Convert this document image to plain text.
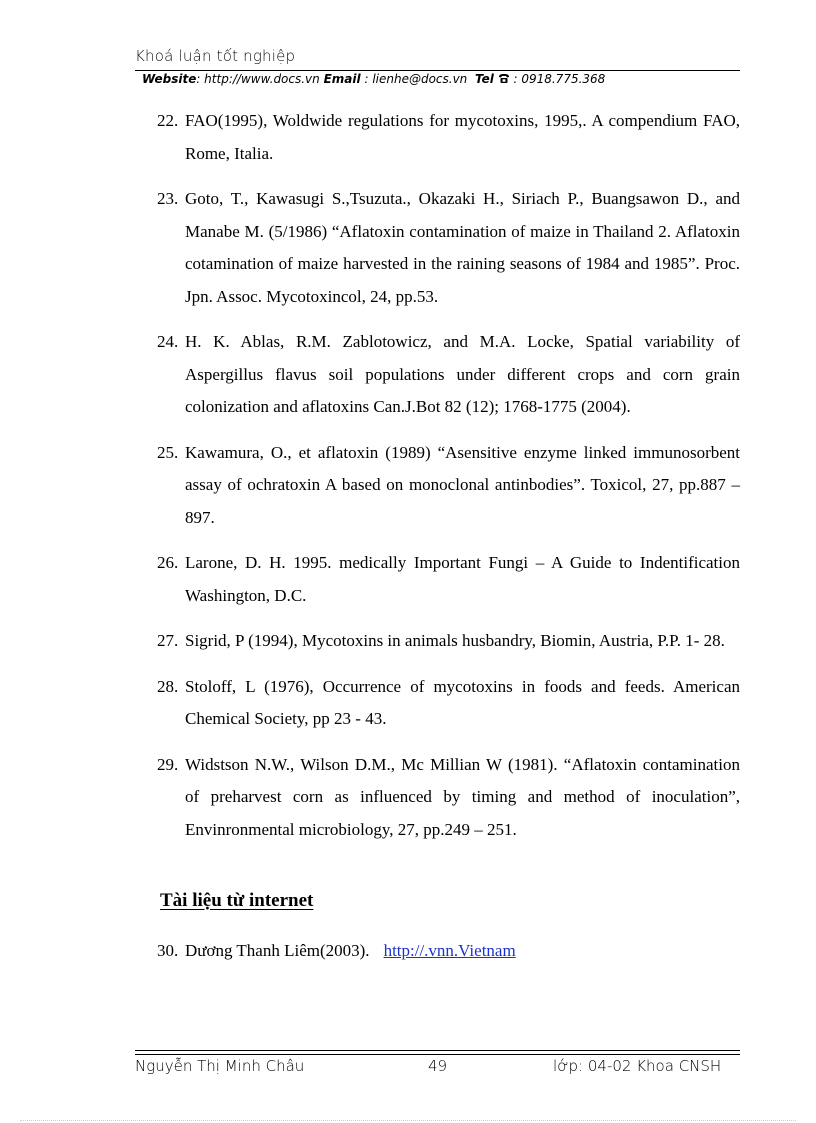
Khoá luận tốt nghiệp
Website: http://www.docs.vn Email : lienhe@docs.vn Tel  : 0918.775.368
22. FAO(1995), Woldwide regulations for mycotoxins, 1995,. A compendium FAO, Rome, Italia.
23. Goto, T., Kawasugi S.,Tsuzuta., Okazaki H., Siriach P., Buangsawon D., and Manabe M. (5/1986) “Aflatoxin contamination of maize in Thailand 2. Aflatoxin cotamination of maize harvested in the raining seasons of 1984 and 1985”. Proc. Jpn. Assoc. Mycotoxincol, 24, pp.53.
24. H. K. Ablas, R.M. Zablotowicz, and M.A. Locke, Spatial variability of Aspergillus flavus soil populations under different crops and corn grain colonization and aflatoxins Can.J.Bot 82 (12); 1768-1775 (2004).
25. Kawamura, O., et aflatoxin (1989) “Asensitive enzyme linked immunosorbent assay of ochratoxin A based on monoclonal antinbodies”. Toxicol, 27, pp.887 – 897.
26. Larone, D. H. 1995. medically Important Fungi – A Guide to Indentification Washington, D.C.
27. Sigrid, P (1994), Mycotoxins in animals husbandry, Biomin, Austria, P.P. 1- 28.
28. Stoloff, L (1976), Occurrence of mycotoxins in foods and feeds. American Chemical Society, pp 23 - 43.
29. Widstson N.W., Wilson D.M., Mc Millian W (1981). “Aflatoxin contamination of preharvest corn as influenced by timing and method of inoculation”, Envinronmental microbiology, 27, pp.249 – 251.
Tài liệu từ internet
30. Dương Thanh Liêm(2003). http://.vnn.Vietnam
Nguyễn Thị Minh Châu	49	lớp: 04-02 Khoa CNSH
